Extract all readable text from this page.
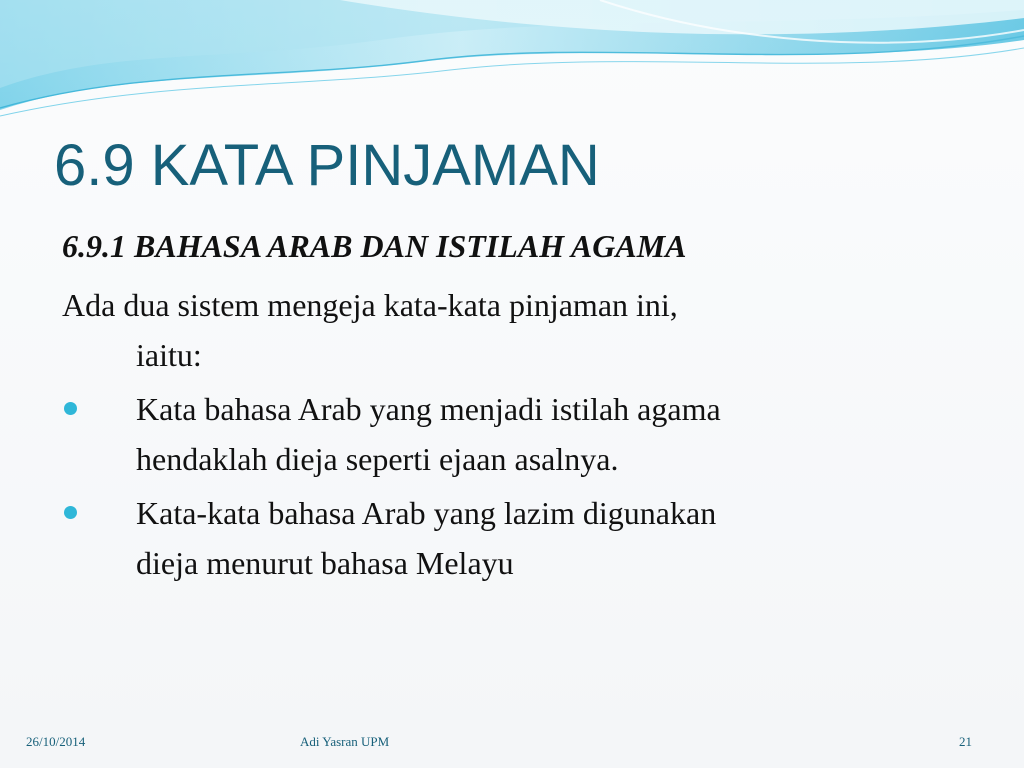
6.9 KATA PINJAMAN

6.9.1 BAHASA ARAB DAN ISTILAH AGAMA

Ada dua sistem mengeja kata-kata pinjaman ini,

iaitu:

Kata bahasa Arab yang menjadi istilah agama

hendaklah dieja seperti ejaan asalnya.

Kata-kata bahasa Arab yang lazim digunakan

dieja menurut bahasa Melayu

26/10/2014	Adi Yasran UPM	21
